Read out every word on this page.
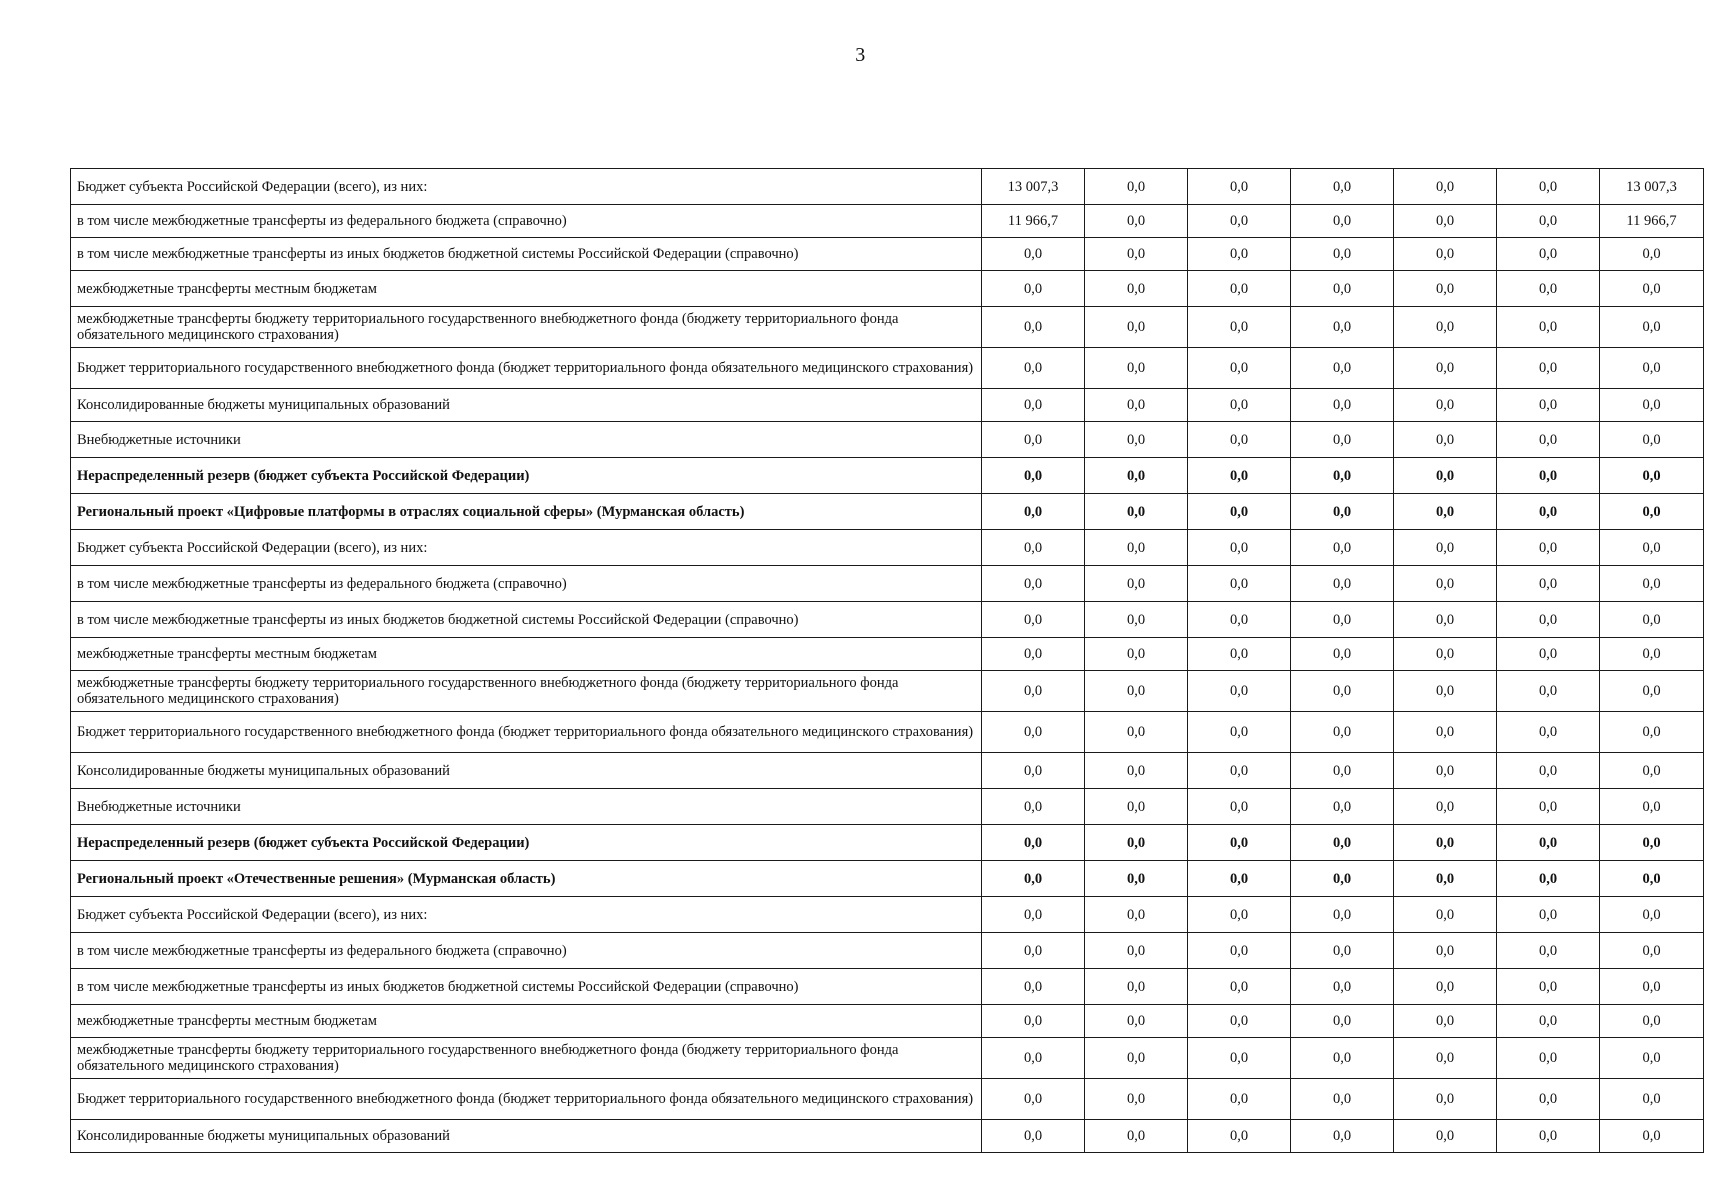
3
Бюджет субъекта Российской Федерации (всего), из них:	13 007,3	0,0	0,0	0,0	0,0	0,0	13 007,3
в том числе межбюджетные трансферты из федерального бюджета (справочно)	11 966,7	0,0	0,0	0,0	0,0	0,0	11 966,7
в том числе межбюджетные трансферты из иных бюджетов бюджетной системы Российской Федерации (справочно)	0,0	0,0	0,0	0,0	0,0	0,0	0,0
межбюджетные трансферты местным бюджетам	0,0	0,0	0,0	0,0	0,0	0,0	0,0
межбюджетные трансферты бюджету территориального государственного внебюджетного фонда (бюджету территориального фонда обязательного медицинского страхования)	0,0	0,0	0,0	0,0	0,0	0,0	0,0
Бюджет территориального государственного внебюджетного фонда (бюджет территориального фонда обязательного медицинского страхования)	0,0	0,0	0,0	0,0	0,0	0,0	0,0
Консолидированные бюджеты муниципальных образований	0,0	0,0	0,0	0,0	0,0	0,0	0,0
Внебюджетные источники	0,0	0,0	0,0	0,0	0,0	0,0	0,0
Нераспределенный резерв (бюджет субъекта Российской Федерации)	0,0	0,0	0,0	0,0	0,0	0,0	0,0
Региональный проект «Цифровые платформы в отраслях социальной сферы» (Мурманская область)	0,0	0,0	0,0	0,0	0,0	0,0	0,0
Бюджет субъекта Российской Федерации (всего), из них:	0,0	0,0	0,0	0,0	0,0	0,0	0,0
в том числе межбюджетные трансферты из федерального бюджета (справочно)	0,0	0,0	0,0	0,0	0,0	0,0	0,0
в том числе межбюджетные трансферты из иных бюджетов бюджетной системы Российской Федерации (справочно)	0,0	0,0	0,0	0,0	0,0	0,0	0,0
межбюджетные трансферты местным бюджетам	0,0	0,0	0,0	0,0	0,0	0,0	0,0
межбюджетные трансферты бюджету территориального государственного внебюджетного фонда (бюджету территориального фонда обязательного медицинского страхования)	0,0	0,0	0,0	0,0	0,0	0,0	0,0
Бюджет территориального государственного внебюджетного фонда (бюджет территориального фонда обязательного медицинского страхования)	0,0	0,0	0,0	0,0	0,0	0,0	0,0
Консолидированные бюджеты муниципальных образований	0,0	0,0	0,0	0,0	0,0	0,0	0,0
Внебюджетные источники	0,0	0,0	0,0	0,0	0,0	0,0	0,0
Нераспределенный резерв (бюджет субъекта Российской Федерации)	0,0	0,0	0,0	0,0	0,0	0,0	0,0
Региональный проект «Отечественные решения» (Мурманская область)	0,0	0,0	0,0	0,0	0,0	0,0	0,0
Бюджет субъекта Российской Федерации (всего), из них:	0,0	0,0	0,0	0,0	0,0	0,0	0,0
в том числе межбюджетные трансферты из федерального бюджета (справочно)	0,0	0,0	0,0	0,0	0,0	0,0	0,0
в том числе межбюджетные трансферты из иных бюджетов бюджетной системы Российской Федерации (справочно)	0,0	0,0	0,0	0,0	0,0	0,0	0,0
межбюджетные трансферты местным бюджетам	0,0	0,0	0,0	0,0	0,0	0,0	0,0
межбюджетные трансферты бюджету территориального государственного внебюджетного фонда (бюджету территориального фонда обязательного медицинского страхования)	0,0	0,0	0,0	0,0	0,0	0,0	0,0
Бюджет территориального государственного внебюджетного фонда (бюджет территориального фонда обязательного медицинского страхования)	0,0	0,0	0,0	0,0	0,0	0,0	0,0
Консолидированные бюджеты муниципальных образований	0,0	0,0	0,0	0,0	0,0	0,0	0,0
